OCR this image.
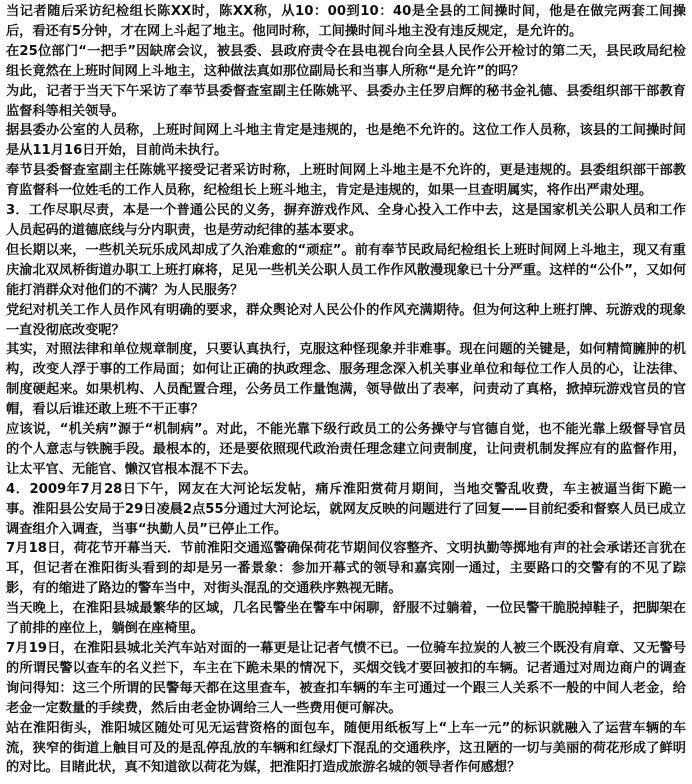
当记者随后采访纪检组长陈XX时，陈XX称，从10：00到10：40是全县的工间操时间，他是在做完两套工间操后，看还有5分钟，才在网上斗起了地主。他同时称，工间操时间斗地主没有违反规定，是允许的。

在25位部门“一把手”因缺席会议，被县委、县政府责令在县电视台向全县人民作公开检讨的第二天，县民政局纪检组长竟然在上班时间网上斗地主，这种做法真如那位副局长和当事人所称“是允许”的吗？

为此，记者于当天下午采访了奉节县委督查室副主任陈姚平、县委办主任罗启辉的秘书金礼德、县委组织部干部教育监督科等相关领导。

据县委办公室的人员称，上班时间网上斗地主肯定是违规的，也是绝不允许的。这位工作人员称，该县的工间操时间是从11月16日开始，目前尚未执行。

奉节县委督查室副主任陈姚平接受记者采访时称，上班时间网上斗地主是不允许的，更是违规的。县委组织部干部教育监督科一位姓毛的工作人员称，纪检组长上班斗地主，肯定是违规的，如果一旦查明属实，将作出严肃处理。

3．工作尽职尽责，本是一个普通公民的义务，摒弃游戏作风、全身心投入工作中去，这是国家机关公职人员和工作人员起码的道德底线与分内职责，也是劳动纪律的基本要求。

但长期以来，一些机关玩乐成风却成了久治难愈的“顽症”。前有奉节民政局纪检组长上班时间网上斗地主，现又有重庆渝北双凤桥街道办职工上班打麻将，足见一些机关公职人员工作作风散漫现象已十分严重。这样的“公仆”，又如何能打消群众对他们的不满？为人民服务？

党纪对机关工作人员作风有明确的要求，群众舆论对人民公仆的作风充满期待。但为何这种上班打牌、玩游戏的现象一直没彻底改变呢？

其实，对照法律和单位规章制度，只要认真执行，克服这种怪现象并非难事。现在问题的关键是，如何精简臃肿的机构，改变人浮于事的工作局面；如何让正确的执政理念、服务理念深入机关事业单位和每位工作人员的心，让法律、制度硬起来。如果机构、人员配置合理，公务员工作量饱满，领导做出了表率，问责动了真格，掀掉玩游戏官员的官帽，看以后谁还敢上班不干正事？

应该说，“机关病”源于“机制病”。对此，不能光靠下级行政员工的公务操守与官德自觉，也不能光靠上级督导官员的个人意志与铁腕手段。最根本的，还是要依照现代政治责任理念建立问责制度，让问责机制发挥应有的监督作用，让太平官、无能官、懒汉官根本混不下去。

4．2009年7月28日下午，网友在大河论坛发帖，痛斥淮阳赏荷月期间，当地交警乱收费，车主被逼当街下跪一事。淮阳县公安局于29日凌晨2点55分通过大河论坛，就网友反映的问题进行了回复——目前纪委和督察人员已成立调查组介入调查，当事“执勤人员”已停止工作。

7月18日，荷花节开幕当天．节前淮阳交通巡警确保荷花节期间仪容整齐、文明执勤等掷地有声的社会承诺还言犹在耳，但记者在淮阳街头看到的却是另一番景象：参加开幕式的领导和嘉宾刚一通过，主要路口的交警有的不见了踪影，有的缩进了路边的警车当中，对街头混乱的交通秩序熟视无睹。

当天晚上，在淮阳县城最繁华的区域，几名民警坐在警车中闲聊，舒服不过躺着，一位民警干脆脱掉鞋子，把脚架在了前排的座位上，躺倒在座椅里。

7月19日，在淮阳县城北关汽车站对面的一幕更是让记者气愤不已。一位骑车拉炭的人被三个既没有肩章、又无警号的所谓民警以查车的名义拦下，车主在下跪未果的情况下，买烟交钱才要回被扣的车辆。记者通过对周边商户的调查询问得知：这三个所谓的民警每天都在这里查车，被查扣车辆的车主可通过一个跟三人关系不一般的中间人老金，给老金一定数量的手续费，然后由老金协调给三人一些费用便可解决。

站在淮阳街头，淮阳城区随处可见无运营资格的面包车，随便用纸板写上“上车一元”的标识就融入了运营车辆的车流，狭窄的街道上触目可及的是乱停乱放的车辆和红绿灯下混乱的交通秩序，这丑陋的一切与美丽的荷花形成了鲜明的对比。目睹此状，真不知道欲以荷花为媒，把淮阳打造成旅游名城的领导者作何感想？
